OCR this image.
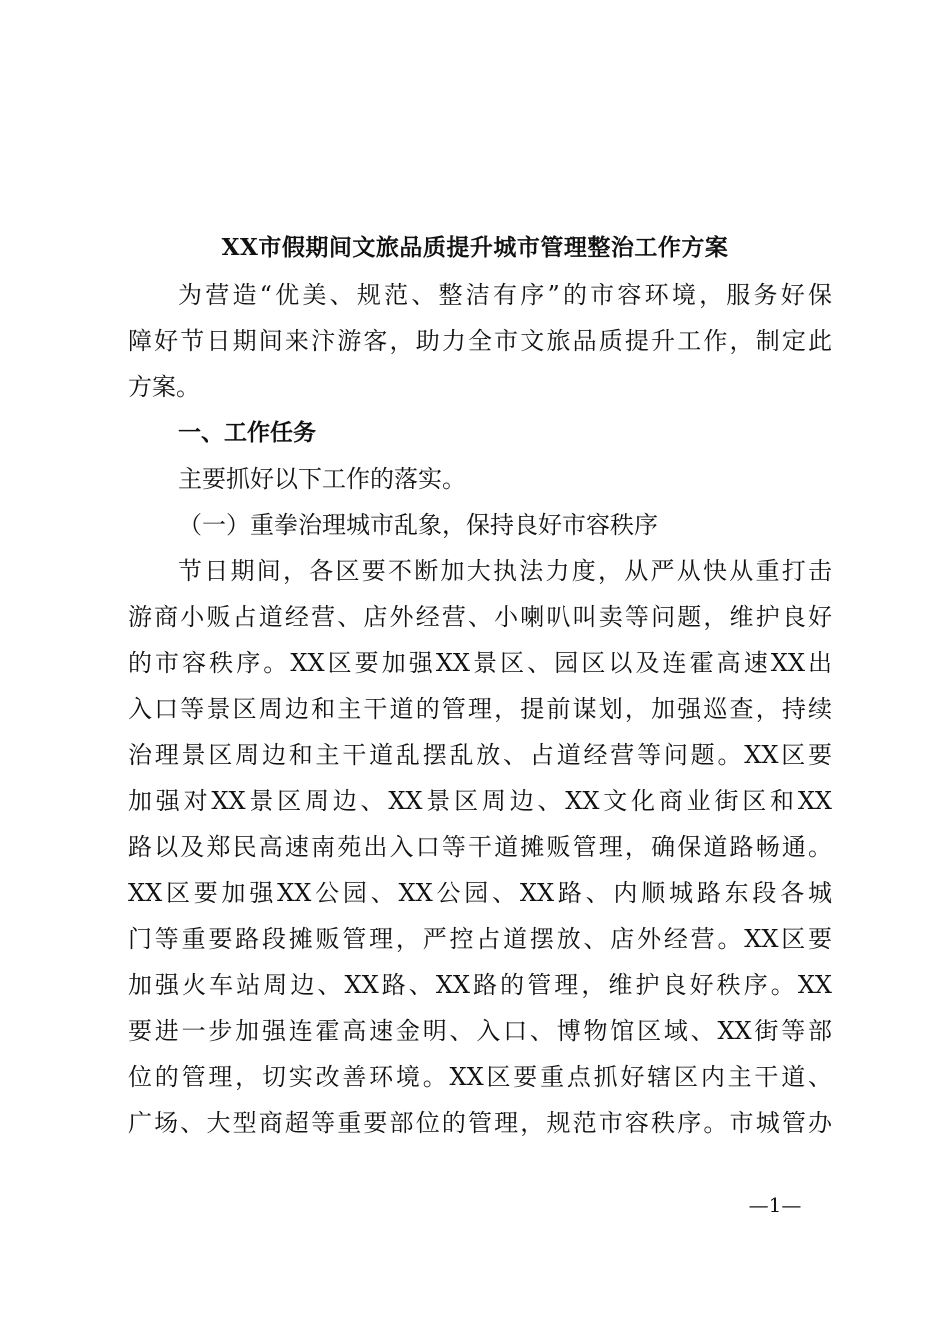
XX市假期间文旅品质提升城市管理整治工作方案
为营造“优美、规范、整洁有序”的市容环境，服务好保
障好节日期间来汴游客，助力全市文旅品质提升工作，制定此
方案。
一、工作任务
主要抓好以下工作的落实。
（一）重拳治理城市乱象，保持良好市容秩序
节日期间，各区要不断加大执法力度，从严从快从重打击
游商小贩占道经营、店外经营、小喇叭叫卖等问题，维护良好
的市容秩序。XX区要加强XX景区、园区以及连霍高速XX出
入口等景区周边和主干道的管理，提前谋划，加强巡查，持续
治理景区周边和主干道乱摆乱放、占道经营等问题。XX区要
加强对XX景区周边、XX景区周边、XX文化商业街区和XX
路以及郑民高速南苑出入口等干道摊贩管理，确保道路畅通。
XX区要加强XX公园、XX公园、XX路、内顺城路东段各城
门等重要路段摊贩管理，严控占道摆放、店外经营。XX区要
加强火车站周边、XX路、XX路的管理，维护良好秩序。XX
要进一步加强连霍高速金明、入口、博物馆区域、XX街等部
位的管理，切实改善环境。XX区要重点抓好辖区内主干道、
广场、大型商超等重要部位的管理，规范市容秩序。市城管办
—1—
